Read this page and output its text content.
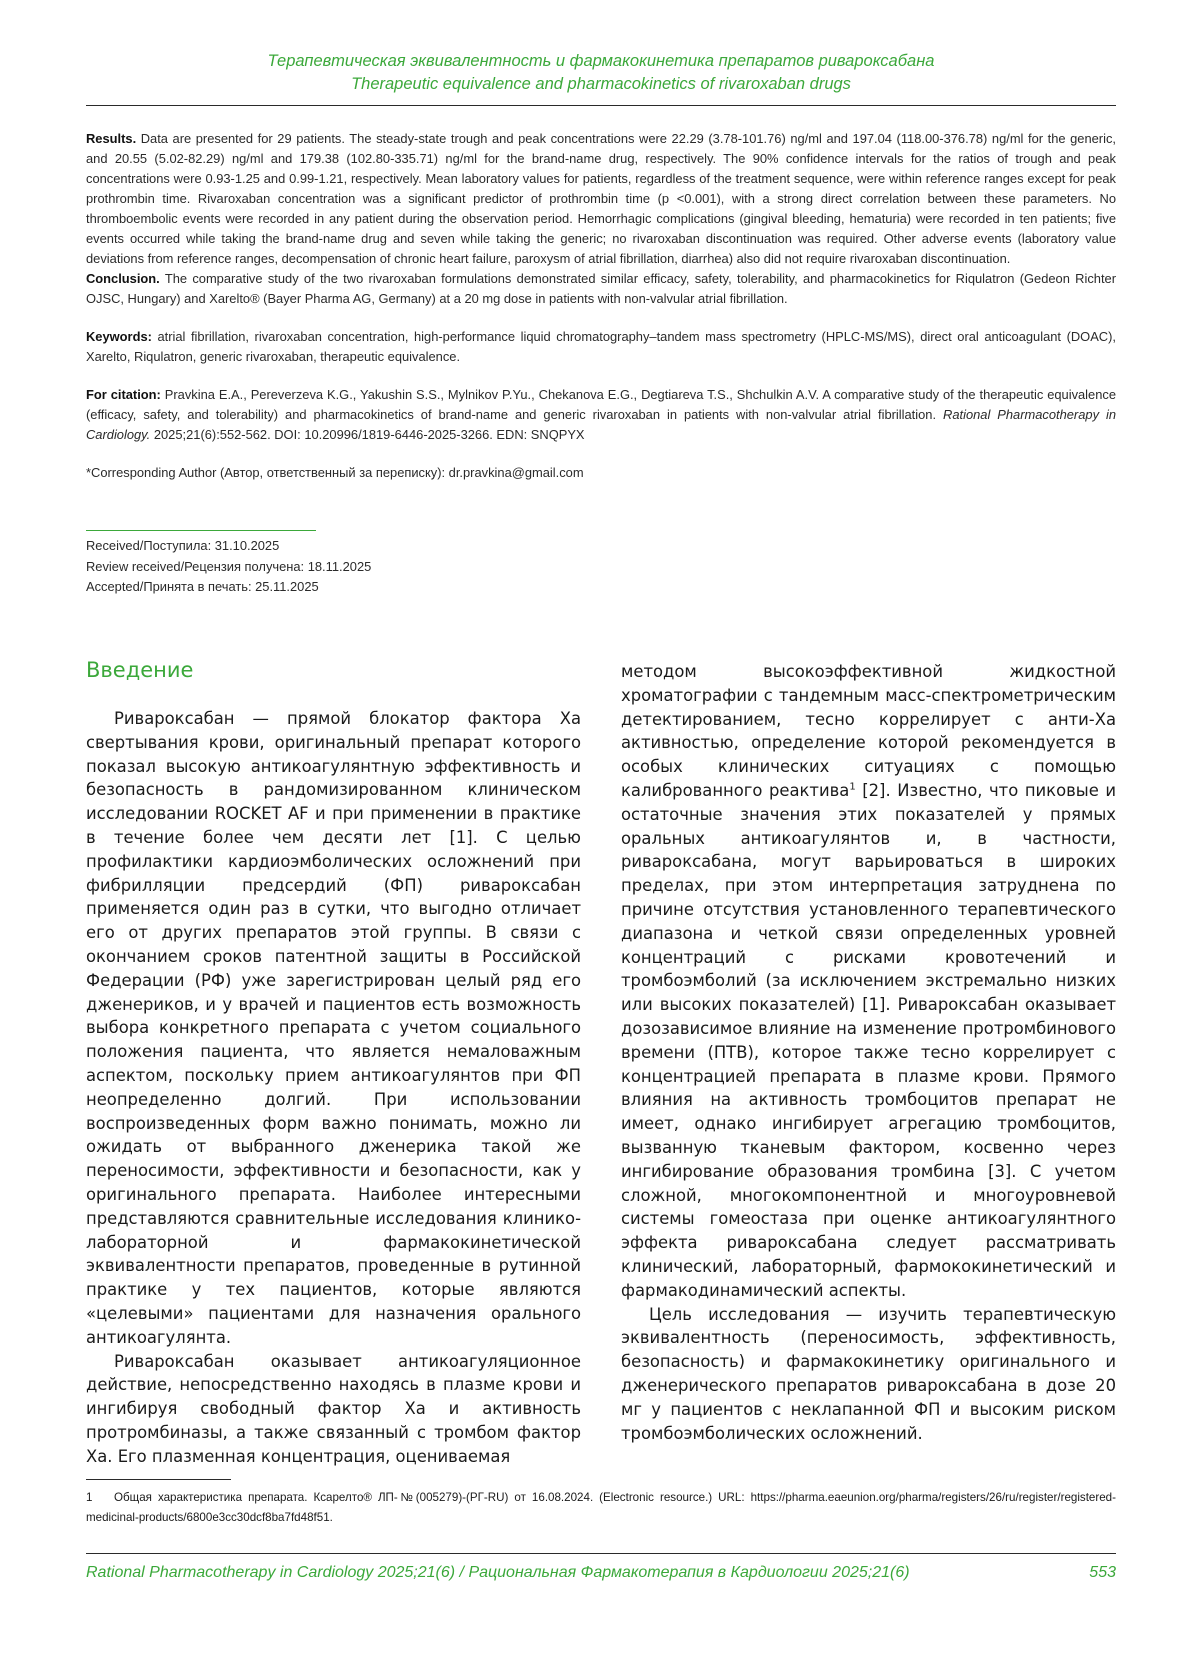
Терапевтическая эквивалентность и фармакокинетика препаратов ривароксабана
Therapeutic equivalence and pharmacokinetics of rivaroxaban drugs

Results. Data are presented for 29 patients. The steady-state trough and peak concentrations were 22.29 (3.78-101.76) ng/ml and 197.04 (118.00-376.78) ng/ml for the generic, and 20.55 (5.02-82.29) ng/ml and 179.38 (102.80-335.71) ng/ml for the brand-name drug, respectively. The 90% confidence intervals for the ratios of trough and peak concentrations were 0.93-1.25 and 0.99-1.21, respectively. Mean laboratory values for patients, regardless of the treatment sequence, were within reference ranges except for peak prothrombin time. Rivaroxaban concentration was a significant predictor of prothrombin time (p <0.001), with a strong direct correlation between these parameters. No thromboembolic events were recorded in any patient during the observation period. Hemorrhagic complications (gingival bleeding, hematuria) were recorded in ten patients; five events occurred while taking the brand-name drug and seven while taking the generic; no rivaroxaban discontinuation was required. Other adverse events (laboratory value deviations from reference ranges, decompensation of chronic heart failure, paroxysm of atrial fibrillation, diarrhea) also did not require rivaroxaban discontinuation.

Conclusion. The comparative study of the two rivaroxaban formulations demonstrated similar efficacy, safety, tolerability, and pharmacokinetics for Riqulatron (Gedeon Richter OJSC, Hungary) and Xarelto® (Bayer Pharma AG, Germany) at a 20 mg dose in patients with non-valvular atrial fibrillation.

Keywords: atrial fibrillation, rivaroxaban concentration, high-performance liquid chromatography–tandem mass spectrometry (HPLC-MS/MS), direct oral anticoagulant (DOAC), Xarelto, Riqulatron, generic rivaroxaban, therapeutic equivalence.

For citation: Pravkina E.A., Pereverzeva K.G., Yakushin S.S., Mylnikov P.Yu., Chekanova E.G., Degtiareva T.S., Shchulkin A.V. A comparative study of the therapeutic equivalence (efficacy, safety, and tolerability) and pharmacokinetics of brand-name and generic rivaroxaban in patients with non-valvular atrial fibrillation. Rational Pharmacotherapy in Cardiology. 2025;21(6):552-562. DOI: 10.20996/1819-6446-2025-3266. EDN: SNQPYX

*Corresponding Author (Автор, ответственный за переписку): dr.pravkina@gmail.com

Received/Поступила: 31.10.2025
Review received/Рецензия получена: 18.11.2025
Accepted/Принята в печать: 25.11.2025
Введение

Ривароксабан — прямой блокатор фактора Ха свертывания крови, оригинальный препарат которого показал высокую антикоагулянтную эффективность и безопасность в рандомизированном клиническом исследовании ROCKET AF и при применении в практике в течение более чем десяти лет [1]. С целью профилактики кардиоэмболических осложнений при фибрилляции предсердий (ФП) ривароксабан применяется один раз в сутки, что выгодно отличает его от других препаратов этой группы. В связи с окончанием сроков патентной защиты в Российской Федерации (РФ) уже зарегистрирован целый ряд его дженериков, и у врачей и пациентов есть возможность выбора конкретного препарата с учетом социального положения пациента, что является немаловажным аспектом, поскольку прием антикоагулянтов при ФП неопределенно долгий. При использовании воспроизведенных форм важно понимать, можно ли ожидать от выбранного дженерика такой же переносимости, эффективности и безопасности, как у оригинального препарата. Наиболее интересными представляются сравнительные исследования клинико-лабораторной и фармакокинетической эквивалентности препаратов, проведенные в рутинной практике у тех пациентов, которые являются «целевыми» пациентами для назначения орального антикоагулянта.

Ривароксабан оказывает антикоагуляционное действие, непосредственно находясь в плазме крови и ингибируя свободный фактор Ха и активность протромбиназы, а также связанный с тромбом фактор Ха. Его плазменная концентрация, оцениваемая

методом высокоэффективной жидкостной хроматографии с тандемным масс-спектрометрическим детектированием, тесно коррелирует с анти-Ха активностью, определение которой рекомендуется в особых клинических ситуациях с помощью калиброванного реактива$^1$ [2]. Известно, что пиковые и остаточные значения этих показателей у прямых оральных антикоагулянтов и, в частности, ривароксабана, могут варьироваться в широких пределах, при этом интерпретация затруднена по причине отсутствия установленного терапевтического диапазона и четкой связи определенных уровней концентраций с рисками кровотечений и тромбоэмболий (за исключением экстремально низких или высоких показателей) [1]. Ривароксабан оказывает дозозависимое влияние на изменение протромбинового времени (ПТВ), которое также тесно коррелирует с концентрацией препарата в плазме крови. Прямого влияния на активность тромбоцитов препарат не имеет, однако ингибирует агрегацию тромбоцитов, вызванную тканевым фактором, косвенно через ингибирование образования тромбина [3]. С учетом сложной, многокомпонентной и многоуровневой системы гомеостаза при оценке антикоагулянтного эффекта ривароксабана следует рассматривать клинический, лабораторный, фармококинетический и фармакодинамический аспекты.

Цель исследования — изучить терапевтическую эквивалентность (переносимость, эффективность, безопасность) и фармакокинетику оригинального и дженерического препаратов ривароксабана в дозе 20 мг у пациентов с неклапанной ФП и высоким риском тромбоэмболических осложнений.

1 Общая характеристика препарата. Ксарелто® ЛП-№(005279)-(РГ-RU) от 16.08.2024. (Electronic resource.) URL: https://pharma.eaeunion.org/pharma/registers/26/ru/register/registered-medicinal-products/6800e3cc30dcf8ba7fd48f51.
Rational Pharmacotherapy in Cardiology 2025;21(6) / Рациональная Фармакотерапия в Кардиологии 2025;21(6)	553
